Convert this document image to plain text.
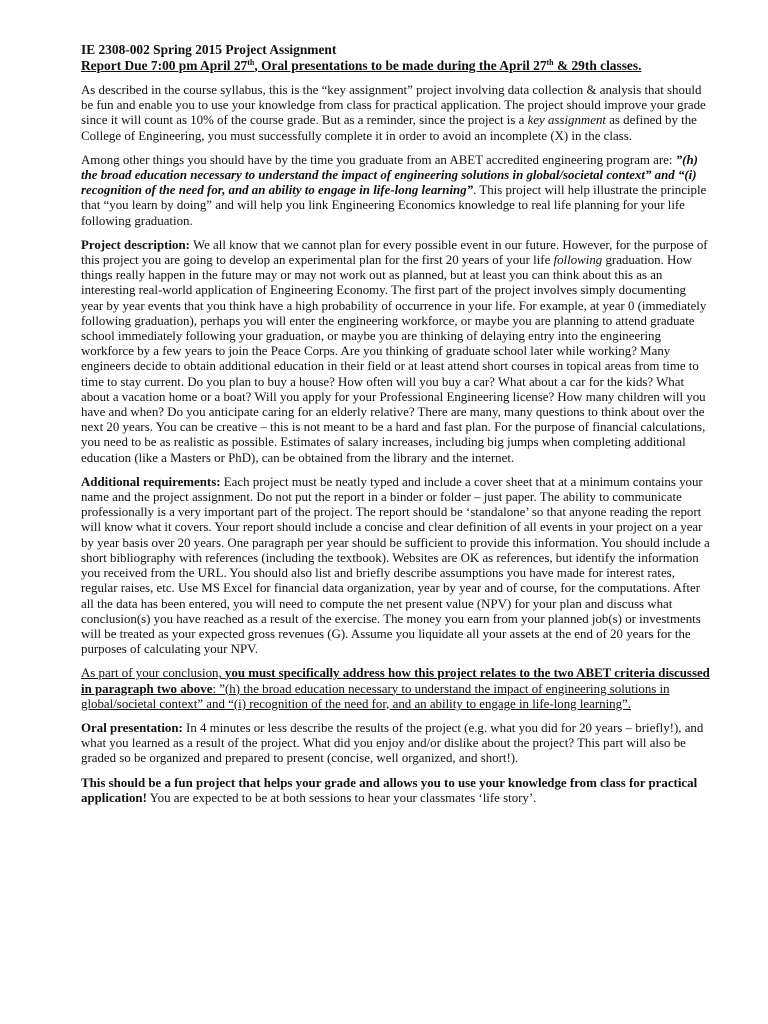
IE 2308-002 Spring 2015 Project Assignment
Report Due 7:00 pm April 27th, Oral presentations to be made during the April 27th & 29th classes.

As described in the course syllabus, this is the “key assignment” project involving data collection & analysis that should be fun and enable you to use your knowledge from class for practical application. The project should improve your grade since it will count as 10% of the course grade. But as a reminder, since the project is a key assignment as defined by the College of Engineering, you must successfully complete it in order to avoid an incomplete (X) in the class.

Among other things you should have by the time you graduate from an ABET accredited engineering program are: ”(h) the broad education necessary to understand the impact of engineering solutions in global/societal context” and “(i) recognition of the need for, and an ability to engage in life-long learning”. This project will help illustrate the principle that “you learn by doing” and will help you link Engineering Economics knowledge to real life planning for your life following graduation.

Project description: We all know that we cannot plan for every possible event in our future. However, for the purpose of this project you are going to develop an experimental plan for the first 20 years of your life following graduation. How things really happen in the future may or may not work out as planned, but at least you can think about this as an interesting real-world application of Engineering Economy. The first part of the project involves simply documenting year by year events that you think have a high probability of occurrence in your life. For example, at year 0 (immediately following graduation), perhaps you will enter the engineering workforce, or maybe you are planning to attend graduate school immediately following your graduation, or maybe you are thinking of delaying entry into the engineering workforce by a few years to join the Peace Corps. Are you thinking of graduate school later while working? Many engineers decide to obtain additional education in their field or at least attend short courses in topical areas from time to time to stay current. Do you plan to buy a house? How often will you buy a car? What about a car for the kids? What about a vacation home or a boat? Will you apply for your Professional Engineering license? How many children will you have and when? Do you anticipate caring for an elderly relative? There are many, many questions to think about over the next 20 years. You can be creative – this is not meant to be a hard and fast plan. For the purpose of financial calculations, you need to be as realistic as possible. Estimates of salary increases, including big jumps when completing additional education (like a Masters or PhD), can be obtained from the library and the internet.

Additional requirements: Each project must be neatly typed and include a cover sheet that at a minimum contains your name and the project assignment. Do not put the report in a binder or folder – just paper. The ability to communicate professionally is a very important part of the project. The report should be ‘standalone’ so that anyone reading the report will know what it covers. Your report should include a concise and clear definition of all events in your project on a year by year basis over 20 years. One paragraph per year should be sufficient to provide this information. You should include a short bibliography with references (including the textbook). Websites are OK as references, but identify the information you received from the URL. You should also list and briefly describe assumptions you have made for interest rates, regular raises, etc. Use MS Excel for financial data organization, year by year and of course, for the computations. After all the data has been entered, you will need to compute the net present value (NPV) for your plan and discuss what conclusion(s) you have reached as a result of the exercise. The money you earn from your planned job(s) or investments will be treated as your expected gross revenues (G). Assume you liquidate all your assets at the end of 20 years for the purposes of calculating your NPV.

As part of your conclusion, you must specifically address how this project relates to the two ABET criteria discussed in paragraph two above: ”(h) the broad education necessary to understand the impact of engineering solutions in global/societal context” and “(i) recognition of the need for, and an ability to engage in life-long learning”.

Oral presentation: In 4 minutes or less describe the results of the project (e.g. what you did for 20 years – briefly!), and what you learned as a result of the project. What did you enjoy and/or dislike about the project? This part will also be graded so be organized and prepared to present (concise, well organized, and short!).

This should be a fun project that helps your grade and allows you to use your knowledge from class for practical application! You are expected to be at both sessions to hear your classmates ‘life story’.
